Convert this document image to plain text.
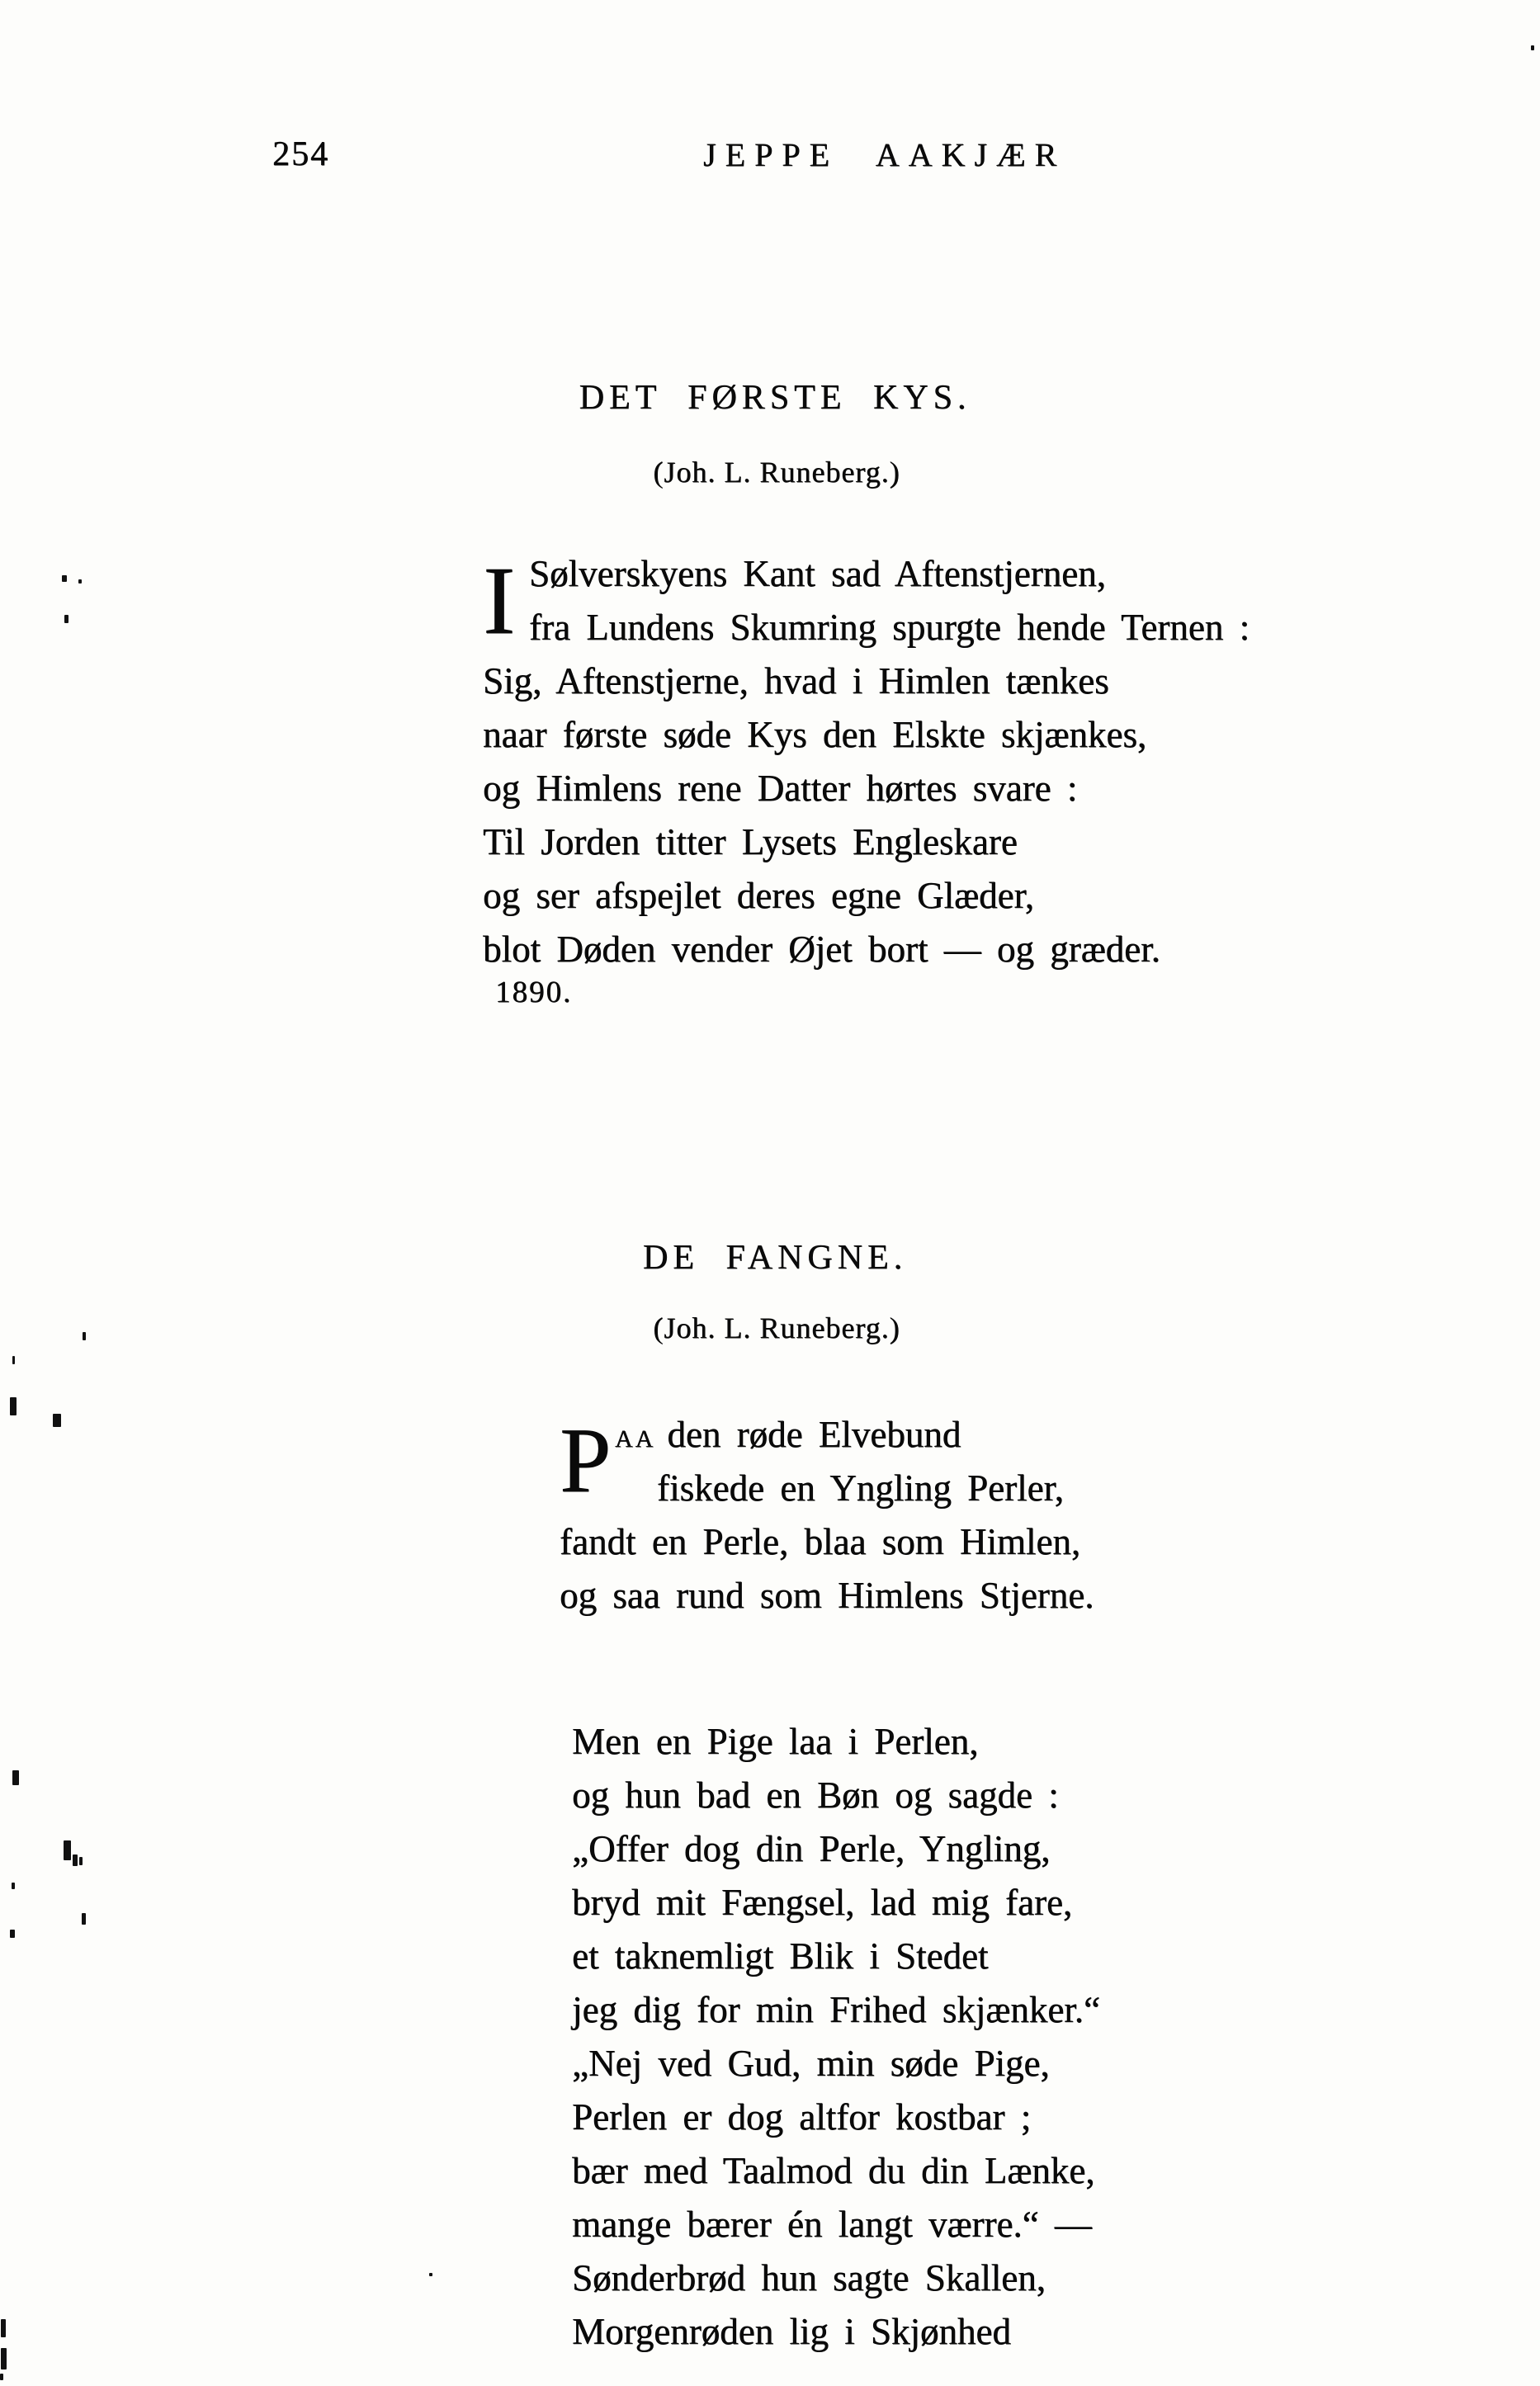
254	JEPPE AAKJÆR
DET FØRSTE KYS.
(Joh. L. Runeberg.)
I Sølverskyens Kant sad Aftenstjernen,
fra Lundens Skumring spurgte hende Ternen :
Sig, Aftenstjerne, hvad i Himlen tænkes
naar første søde Kys den Elskte skjænkes,
og Himlens rene Datter hørtes svare :
Til Jorden titter Lysets Engleskare
og ser afspejlet deres egne Glæder,
blot Døden vender Øjet bort — og græder.
1890.
DE FANGNE.
(Joh. L. Runeberg.)
P AA den røde Elvebund
fiskede en Yngling Perler,
fandt en Perle, blaa som Himlen,
og saa rund som Himlens Stjerne.
Men en Pige laa i Perlen,
og hun bad en Bøn og sagde :
„Offer dog din Perle, Yngling,
bryd mit Fængsel, lad mig fare,
et taknemligt Blik i Stedet
jeg dig for min Frihed skjænker.“
„Nej ved Gud, min søde Pige,
Perlen er dog altfor kostbar ;
bær med Taalmod du din Lænke,
mange bærer én langt værre.“ —
Sønderbrød hun sagte Skallen,
Morgenrøden lig i Skjønhed
